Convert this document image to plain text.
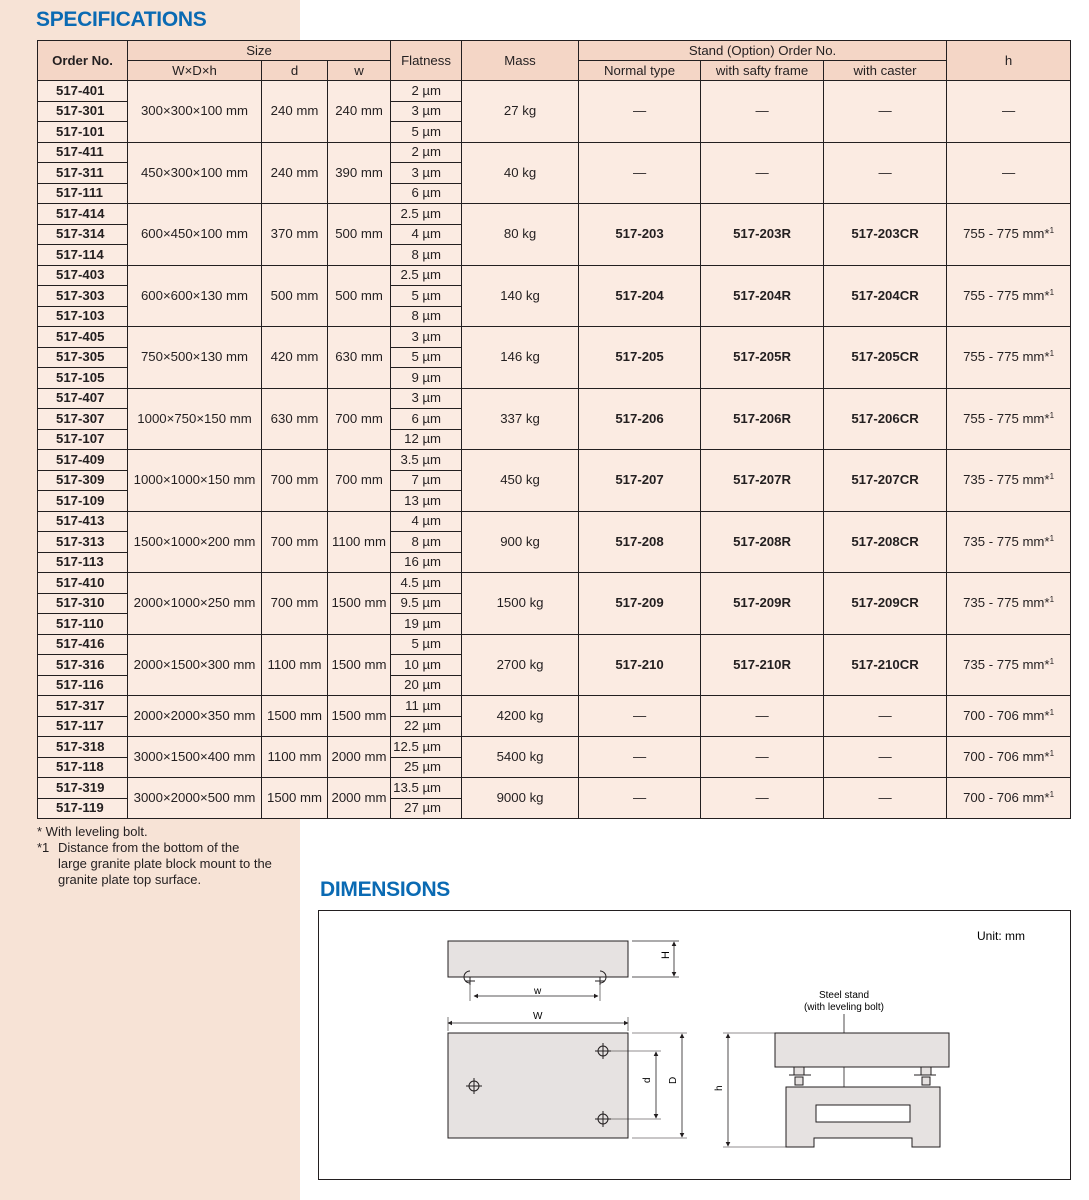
SPECIFICATIONS
Order No.	Size			Flatness	Mass	Stand (Option) Order No.			h
	W×D×h	d	w			Normal type	with safty frame	with caster	
517-401	300×300×100 mm	240 mm	240 mm	2 µm	27 kg	—	—	—	—
517-301				3 µm					
517-101				5 µm					
517-411	450×300×100 mm	240 mm	390 mm	2 µm	40 kg	—	—	—	—
517-311				3 µm					
517-111				6 µm					
517-414	600×450×100 mm	370 mm	500 mm	2.5 µm	80 kg	517-203	517-203R	517-203CR	755 - 775 mm*$^1$
517-314				4 µm					
517-114				8 µm					
517-403	600×600×130 mm	500 mm	500 mm	2.5 µm	140 kg	517-204	517-204R	517-204CR	755 - 775 mm*$^1$
517-303				5 µm					
517-103				8 µm					
517-405	750×500×130 mm	420 mm	630 mm	3 µm	146 kg	517-205	517-205R	517-205CR	755 - 775 mm*$^1$
517-305				5 µm					
517-105				9 µm					
517-407	1000×750×150 mm	630 mm	700 mm	3 µm	337 kg	517-206	517-206R	517-206CR	755 - 775 mm*$^1$
517-307				6 µm					
517-107				12 µm					
517-409	1000×1000×150 mm	700 mm	700 mm	3.5 µm	450 kg	517-207	517-207R	517-207CR	735 - 775 mm*$^1$
517-309				7 µm					
517-109				13 µm					
517-413	1500×1000×200 mm	700 mm	1100 mm	4 µm	900 kg	517-208	517-208R	517-208CR	735 - 775 mm*$^1$
517-313				8 µm					
517-113				16 µm					
517-410	2000×1000×250 mm	700 mm	1500 mm	4.5 µm	1500 kg	517-209	517-209R	517-209CR	735 - 775 mm*$^1$
517-310				9.5 µm					
517-110				19 µm					
517-416	2000×1500×300 mm	1100 mm	1500 mm	5 µm	2700 kg	517-210	517-210R	517-210CR	735 - 775 mm*$^1$
517-316				10 µm					
517-116				20 µm					
517-317	2000×2000×350 mm	1500 mm	1500 mm	11 µm	4200 kg	—	—	—	700 - 706 mm*$^1$
517-117				22 µm					
517-318	3000×1500×400 mm	1100 mm	2000 mm	12.5 µm	5400 kg	—	—	—	700 - 706 mm*$^1$
517-118				25 µm					
517-319	3000×2000×500 mm	1500 mm	2000 mm	13.5 µm	9000 kg	—	—	—	700 - 706 mm*$^1$
517-119				27 µm					
* With leveling bolt.
*1 Distance from the bottom of the
large granite plate block mount to the
granite plate top surface.	DIMENSIONS
Unit: mm
H
w
W
d D
Steel stand
(with leveling bolt)
h
